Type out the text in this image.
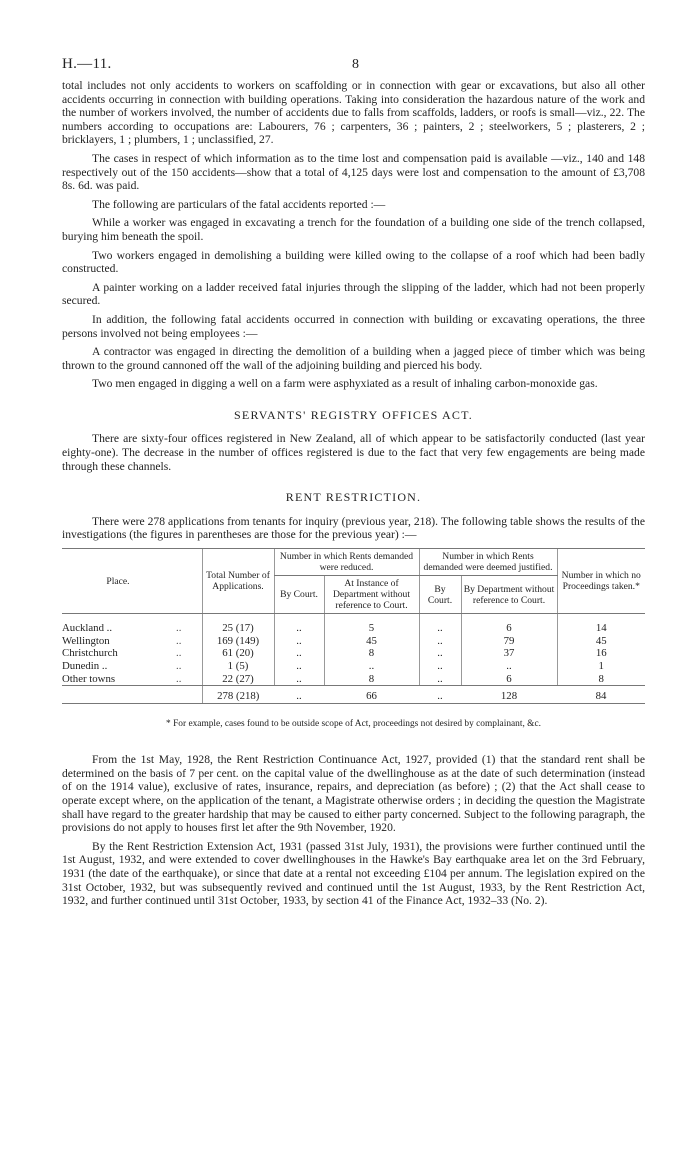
H.—11.	8

total includes not only accidents to workers on scaffolding or in connection with gear or excavations, but also all other accidents occurring in connection with building operations. Taking into consideration the hazardous nature of the work and the number of workers involved, the number of accidents due to falls from scaffolds, ladders, or roofs is small—viz., 22. The numbers according to occupations are: Labourers, 76 ; carpenters, 36 ; painters, 2 ; steelworkers, 5 ; plasterers, 2 ; bricklayers, 1 ; plumbers, 1 ; unclassified, 27.

The cases in respect of which information as to the time lost and compensation paid is available —viz., 140 and 148 respectively out of the 150 accidents—show that a total of 4,125 days were lost and compensation to the amount of £3,708 8s. 6d. was paid.

The following are particulars of the fatal accidents reported :—

While a worker was engaged in excavating a trench for the foundation of a building one side of the trench collapsed, burying him beneath the spoil.

Two workers engaged in demolishing a building were killed owing to the collapse of a roof which had been badly constructed.

A painter working on a ladder received fatal injuries through the slipping of the ladder, which had not been properly secured.

In addition, the following fatal accidents occurred in connection with building or excavating operations, the three persons involved not being employees :—

A contractor was engaged in directing the demolition of a building when a jagged piece of timber which was being thrown to the ground cannoned off the wall of the adjoining building and pierced his body.

Two men engaged in digging a well on a farm were asphyxiated as a result of inhaling carbon-monoxide gas.

SERVANTS' REGISTRY OFFICES ACT.

There are sixty-four offices registered in New Zealand, all of which appear to be satisfactorily conducted (last year eighty-one). The decrease in the number of offices registered is due to the fact that very few engagements are being made through these channels.

RENT RESTRICTION.

There were 278 applications from tenants for inquiry (previous year, 218). The following table shows the results of the investigations (the figures in parentheses are those for the previous year) :—

Place.		Total Number of Applications.	Number in which Rents demanded were reduced.		Number in which Rents demanded were deemed justified.		Number in which no Proceedings taken.*
			By Court.	At Instance of Department without reference to Court.	By Court.	By Department without reference to Court.	

Auckland ..	..	25 (17)	..	5	..	6	14
Wellington	..	169 (149)	..	45	..	79	45
Christchurch	..	61 (20)	..	8	..	37	16
Dunedin ..	..	1 (5)	..	..	..	..	1
Other towns	..	22 (27)	..	8	..	6	8
		278 (218)	..	66	..	128	84

* For example, cases found to be outside scope of Act, proceedings not desired by complainant, &c.

From the 1st May, 1928, the Rent Restriction Continuance Act, 1927, provided (1) that the standard rent shall be determined on the basis of 7 per cent. on the capital value of the dwellinghouse as at the date of such determination (instead of on the 1914 value), exclusive of rates, insurance, repairs, and depreciation (as before) ; (2) that the Act shall cease to operate except where, on the application of the tenant, a Magistrate otherwise orders ; in deciding the question the Magistrate shall have regard to the greater hardship that may be caused to either party concerned. Subject to the following paragraph, the provisions do not apply to houses first let after the 9th November, 1920.

By the Rent Restriction Extension Act, 1931 (passed 31st July, 1931), the provisions were further continued until the 1st August, 1932, and were extended to cover dwellinghouses in the Hawke's Bay earthquake area let on the 3rd February, 1931 (the date of the earthquake), or since that date at a rental not exceeding £104 per annum. The legislation expired on the 31st October, 1932, but was subsequently revived and continued until the 1st August, 1933, by the Rent Restriction Act, 1932, and further continued until 31st October, 1933, by section 41 of the Finance Act, 1932–33 (No. 2).
